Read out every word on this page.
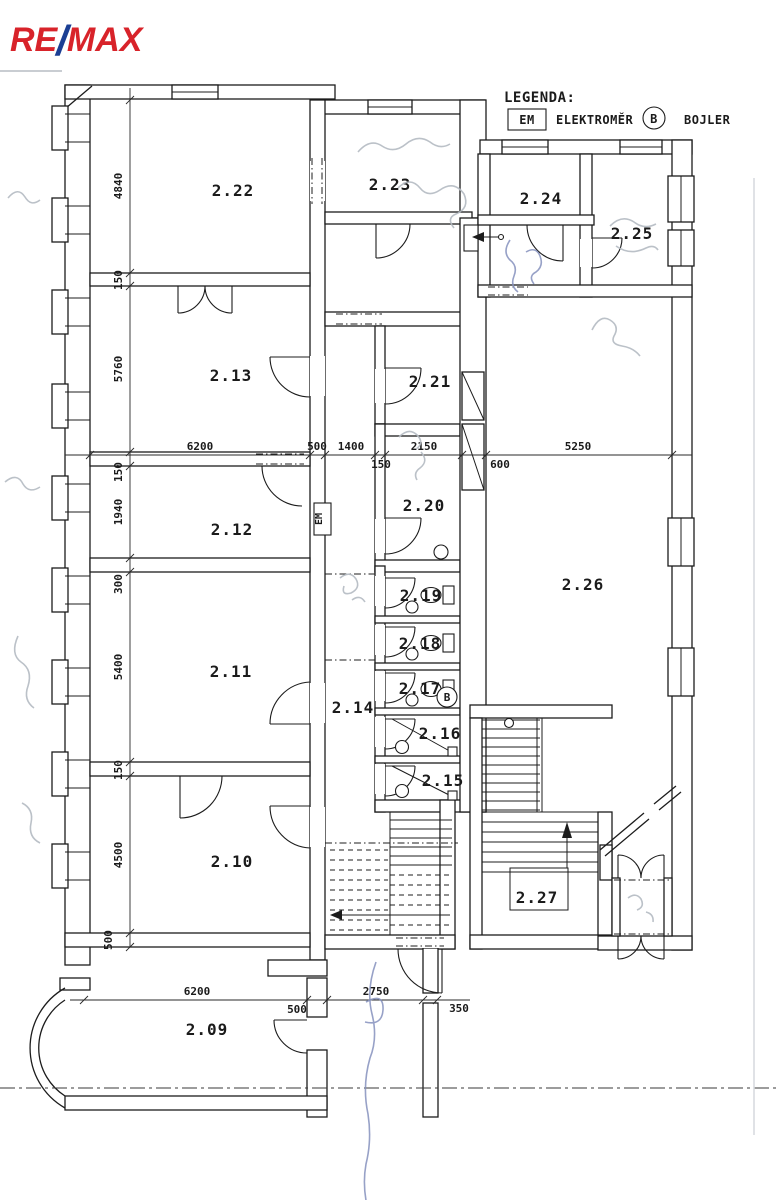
RE/MAX
B
EM
LEGENDA:
EM ELEKTROMĚR B BOJLER
2.22	2.23
2.24
2.25
2.13	2.21
2.12
2.20
2.26
2.11
2.19
2.18
2.17
2.14
2.16
2.15
2.10
2.27
2.09
4840
150
5760
150
1940
300
5400
150
4500
500
6200	500 1400
150
2150
600
5250
6200
500
2750
350
